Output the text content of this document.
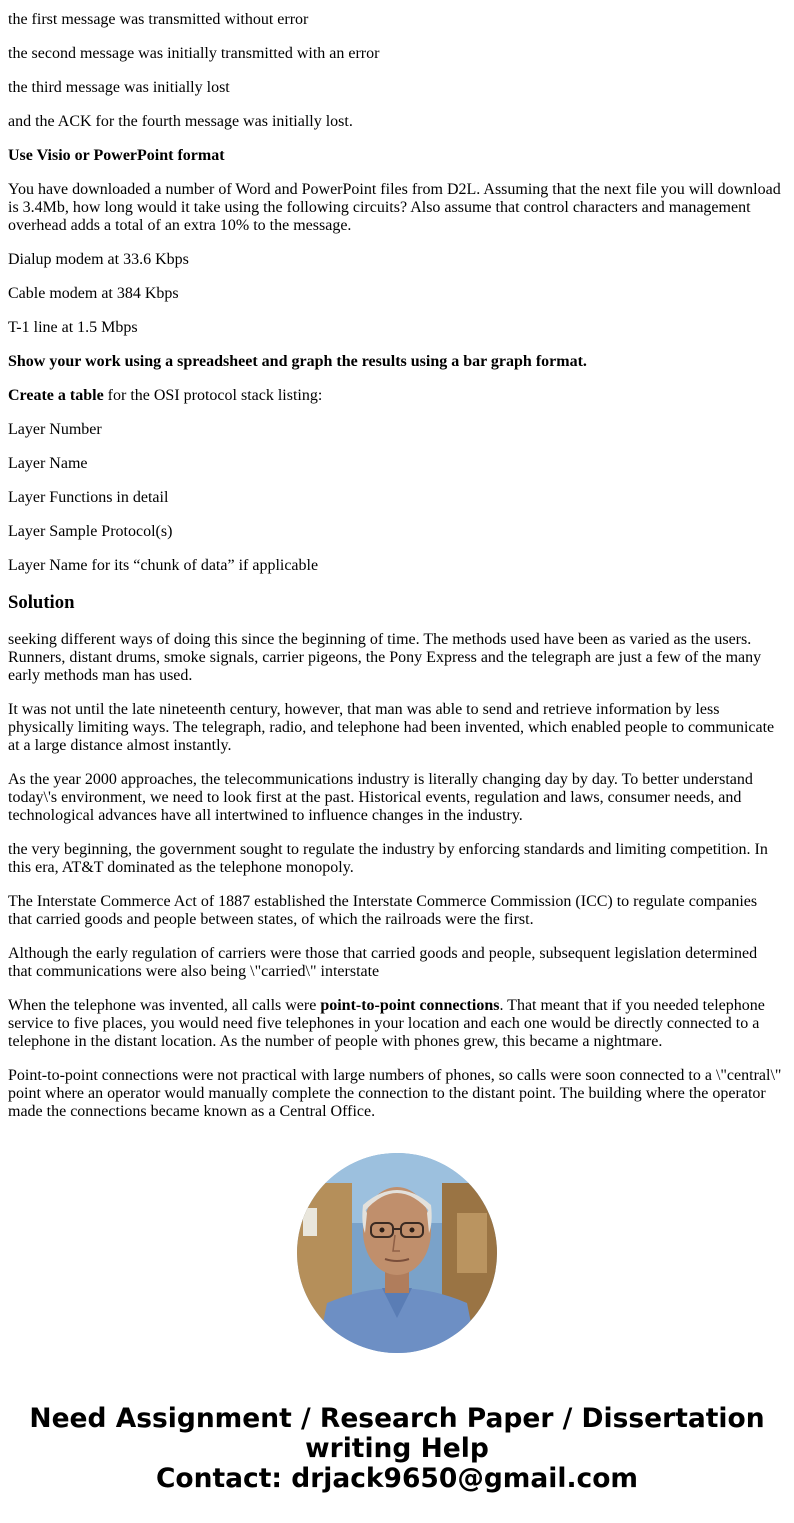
the first message was transmitted without error

the second message was initially transmitted with an error

the third message was initially lost

and the ACK for the fourth message was initially lost.

Use Visio or PowerPoint format

You have downloaded a number of Word and PowerPoint files from D2L. Assuming that the next file you will download is 3.4Mb, how long would it take using the following circuits? Also assume that control characters and management overhead adds a total of an extra 10% to the message.

Dialup modem at 33.6 Kbps

Cable modem at 384 Kbps

T-1 line at 1.5 Mbps

Show your work using a spreadsheet and graph the results using a bar graph format.

Create a table for the OSI protocol stack listing:

Layer Number

Layer Name

Layer Functions in detail

Layer Sample Protocol(s)

Layer Name for its “chunk of data” if applicable

Solution

seeking different ways of doing this since the beginning of time. The methods used have been as varied as the users. Runners, distant drums, smoke signals, carrier pigeons, the Pony Express and the telegraph are just a few of the many early methods man has used.

It was not until the late nineteenth century, however, that man was able to send and retrieve information by less physically limiting ways. The telegraph, radio, and telephone had been invented, which enabled people to communicate at a large distance almost instantly.

As the year 2000 approaches, the telecommunications industry is literally changing day by day. To better understand today\'s environment, we need to look first at the past. Historical events, regulation and laws, consumer needs, and technological advances have all intertwined to influence changes in the industry.

the very beginning, the government sought to regulate the industry by enforcing standards and limiting competition. In this era, AT&T dominated as the telephone monopoly.

The Interstate Commerce Act of 1887 established the Interstate Commerce Commission (ICC) to regulate companies that carried goods and people between states, of which the railroads were the first.

Although the early regulation of carriers were those that carried goods and people, subsequent legislation determined that communications were also being \"carried\" interstate

When the telephone was invented, all calls were point-to-point connections. That meant that if you needed telephone service to five places, you would need five telephones in your location and each one would be directly connected to a telephone in the distant location. As the number of people with phones grew, this became a nightmare.

Point-to-point connections were not practical with large numbers of phones, so calls were soon connected to a \"central\" point where an operator would manually complete the connection to the distant point. The building where the operator made the connections became known as a Central Office.

Need Assignment / Research Paper / Dissertation
writing Help
Contact: drjack9650@gmail.com
